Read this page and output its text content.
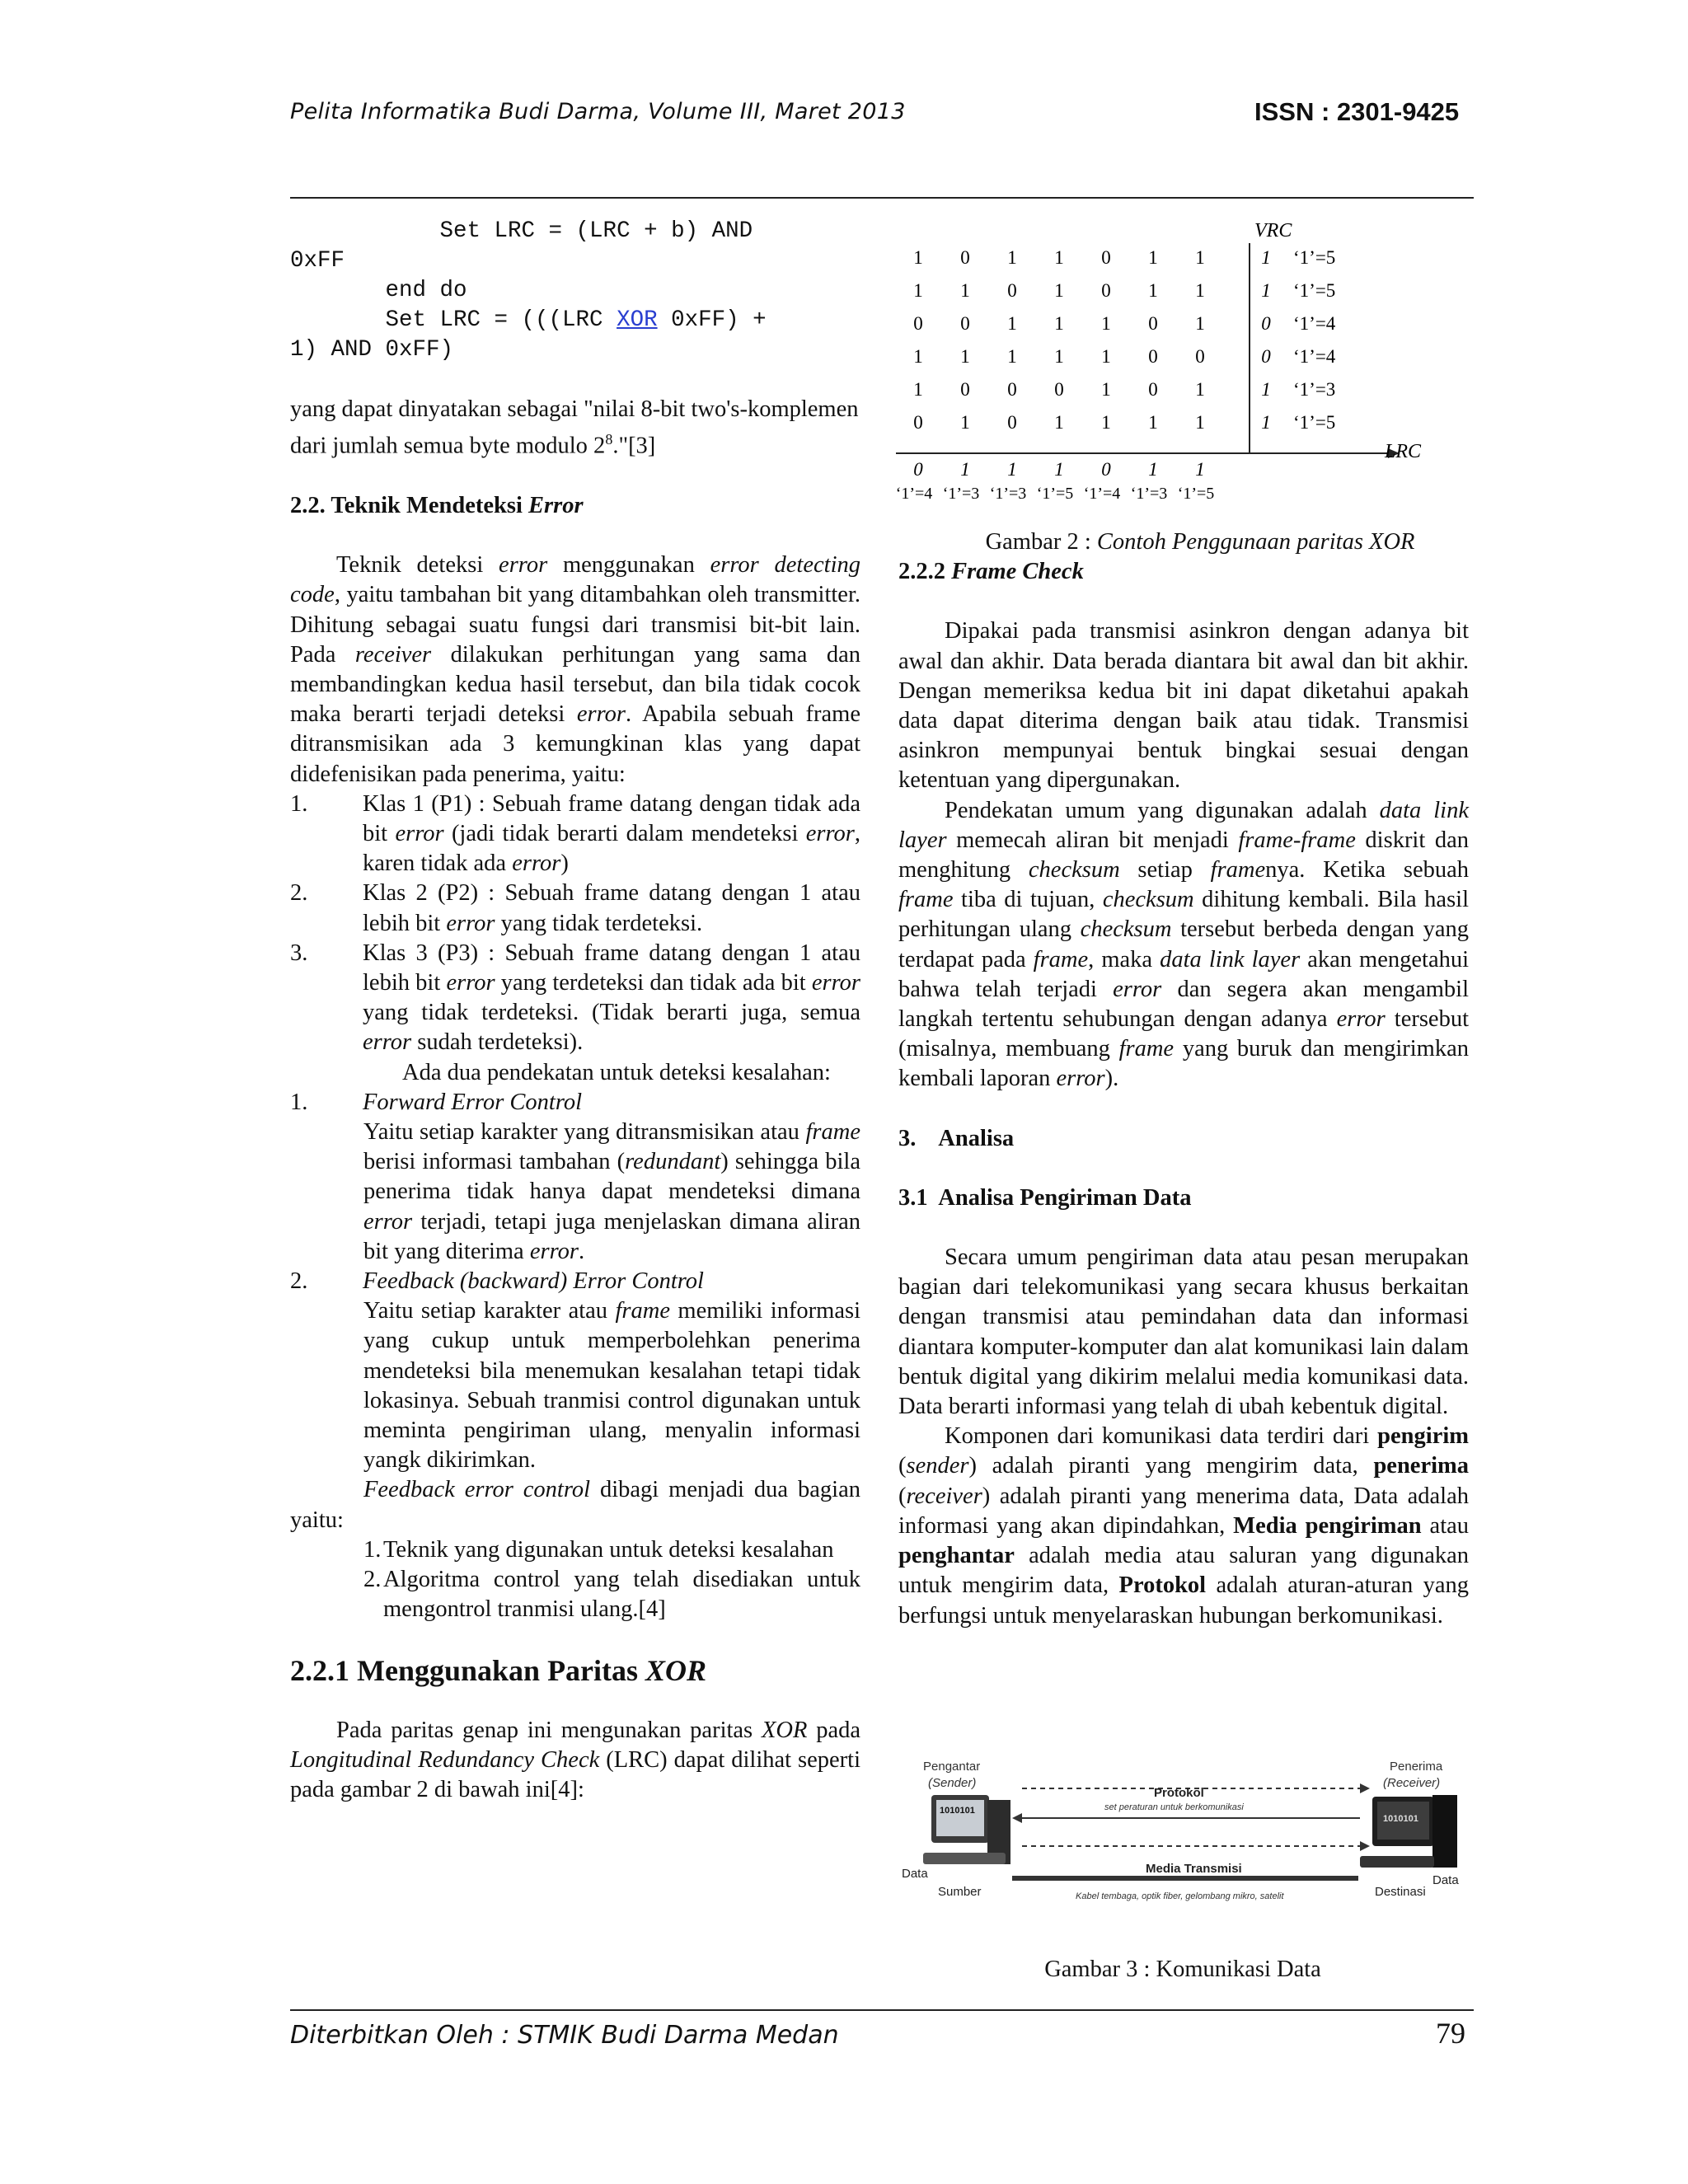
Pelita Informatika Budi Darma, Volume III, Maret 2013	ISSN : 2301-9425
Set LRC = (LRC + b) AND
0xFF
end do
Set LRC = (((LRC XOR 0xFF) +
1) AND 0xFF)

yang dapat dinyatakan sebagai "nilai 8-bit two's-komplemen dari jumlah semua byte modulo $2^8."[3]$

2.2. Teknik Mendeteksi Error

Teknik deteksi error menggunakan error detecting code, yaitu tambahan bit yang ditambahkan oleh transmitter. Dihitung sebagai suatu fungsi dari transmisi bit-bit lain. Pada receiver dilakukan perhitungan yang sama dan membandingkan kedua hasil tersebut, dan bila tidak cocok maka berarti terjadi deteksi error. Apabila sebuah frame ditransmisikan ada 3 kemungkinan klas yang dapat didefenisikan pada penerima, yaitu:

1.	Klas 1 (P1) : Sebuah frame datang dengan tidak ada bit error (jadi tidak berarti dalam mendeteksi error, karen tidak ada error)
2.	Klas 2 (P2) : Sebuah frame datang dengan 1 atau lebih bit error yang tidak terdeteksi.
3.	Klas 3 (P3) : Sebuah frame datang dengan 1 atau lebih bit error yang terdeteksi dan tidak ada bit error yang tidak terdeteksi. (Tidak berarti juga, semua error sudah terdeteksi).

Ada dua pendekatan untuk deteksi kesalahan:

1.	Forward Error Control

Yaitu setiap karakter yang ditransmisikan atau frame berisi informasi tambahan (redundant) sehingga bila penerima tidak hanya dapat mendeteksi dimana error terjadi, tetapi juga menjelaskan dimana aliran bit yang diterima error.

2.	Feedback (backward) Error Control

Yaitu setiap karakter atau frame memiliki informasi yang cukup untuk memperbolehkan penerima mendeteksi bila menemukan kesalahan tetapi tidak lokasinya. Sebuah tranmisi control digunakan untuk meminta pengiriman ulang, menyalin informasi yangk dikirimkan.

Feedback error control dibagi menjadi dua bagian yaitu:

1. Teknik yang digunakan untuk deteksi kesalahan
2. Algoritma control yang telah disediakan untuk mengontrol tranmisi ulang.[4]
2.2.1 Menggunakan Paritas XOR

Pada paritas genap ini mengunakan paritas XOR pada Longitudinal Redundancy Check (LRC) dapat dilihat seperti pada gambar 2 di bawah ini[4]:

VRC
LRC
1 0 1 1 0 1 1	1 ‘1’=5
1 1 0 1 0 1 1	1 ‘1’=5
0 0 1 1 1 0 1	0 ‘1’=4
1 1 1 1 1 0 0	0 ‘1’=4
1 0 0 0 1 0 1	1 ‘1’=3
0 1 0 1 1 1 1	1 ‘1’=5
0 1 1 1 0 1 1
‘1’=4 ‘1’=3 ‘1’=3 ‘1’=5 ‘1’=4 ‘1’=3 ‘1’=5

Gambar 2 : Contoh Penggunaan paritas XOR

2.2.2 Frame Check

Dipakai pada transmisi asinkron dengan adanya bit awal dan akhir. Data berada diantara bit awal dan bit akhir. Dengan memeriksa kedua bit ini dapat diketahui apakah data dapat diterima dengan baik atau tidak. Transmisi asinkron mempunyai bentuk bingkai sesuai dengan ketentuan yang dipergunakan.

Pendekatan umum yang digunakan adalah data link layer memecah aliran bit menjadi frame-frame diskrit dan menghitung checksum setiap framenya. Ketika sebuah frame tiba di tujuan, checksum dihitung kembali. Bila hasil perhitungan ulang checksum tersebut berbeda dengan yang terdapat pada frame, maka data link layer akan mengetahui bahwa telah terjadi error dan segera akan mengambil langkah tertentu sehubungan dengan adanya error tersebut (misalnya, membuang frame yang buruk dan mengirimkan kembali laporan error).

3.    Analisa
3.1  Analisa Pengiriman Data

Secara umum pengiriman data atau pesan merupakan bagian dari telekomunikasi yang secara khusus berkaitan dengan transmisi atau pemindahan data dan informasi diantara komputer-komputer dan alat komunikasi lain dalam bentuk digital yang dikirim melalui media komunikasi data. Data berarti informasi yang telah di ubah kebentuk digital.

Komponen dari komunikasi data terdiri dari pengirim (sender) adalah piranti yang mengirim data, penerima (receiver) adalah piranti yang menerima data, Data adalah informasi yang akan dipindahkan, Media pengiriman atau penghantar adalah media atau saluran yang digunakan untuk mengirim data, Protokol adalah aturan-aturan yang berfungsi untuk menyelaraskan hubungan berkomunikasi.

Pengantar
(Sender)
Penerima
(Receiver)
1010101
1010101
Protokol
set peraturan untuk berkomunikasi
Media Transmisi
Kabel tembaga, optik fiber, gelombang mikro, satelit
Data	Data
Sumber	Destinasi
Gambar 3 : Komunikasi Data
Diterbitkan Oleh : STMIK Budi Darma Medan	79
